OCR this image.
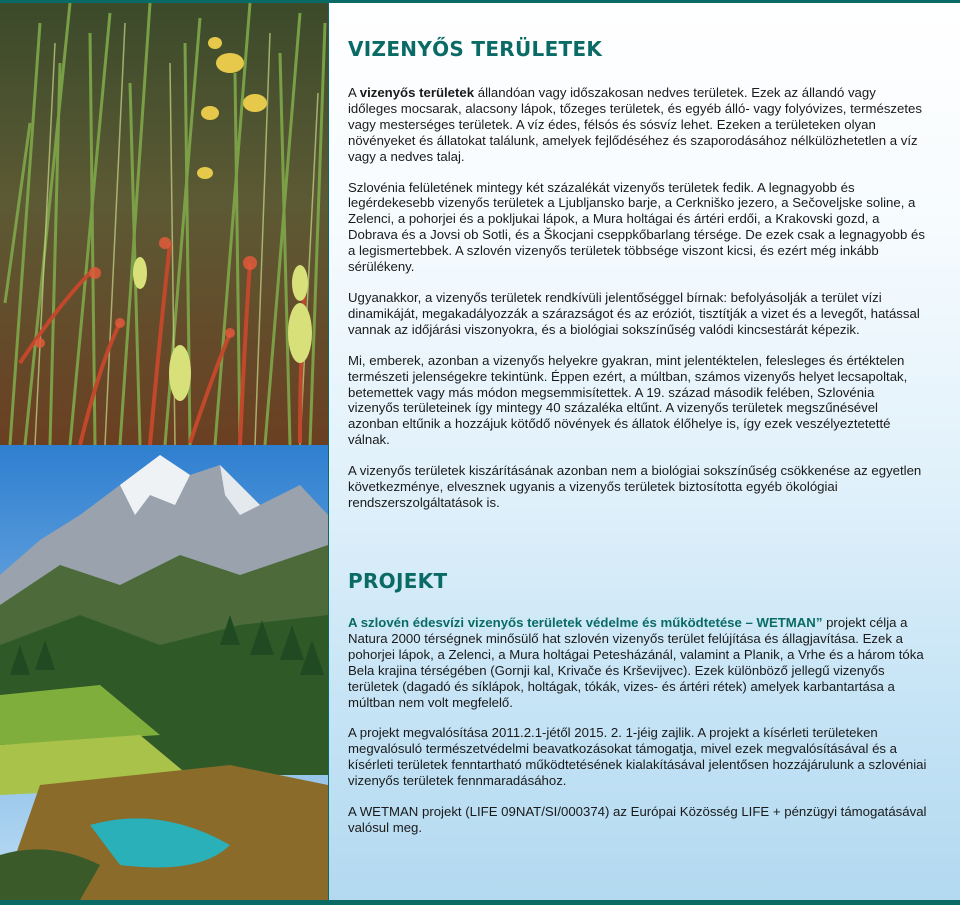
VIZENYŐS TERÜLETEK

A vizenyős területek állandóan vagy időszakosan nedves területek. Ezek az állandó vagy időleges mocsarak, alacsony lápok, tőzeges területek, és egyéb álló- vagy folyóvizes, természetes vagy mesterséges területek. A víz édes, félsós és sósvíz lehet. Ezeken a területeken olyan növényeket és állatokat találunk, amelyek fejlődéséhez és szaporodásához nélkülözhetetlen a víz vagy a nedves talaj.

Szlovénia felületének mintegy két százalékát vizenyős területek fedik. A legnagyobb és legérdekesebb vizenyős területek a Ljubljansko barje, a Cerkniško jezero, a Sečoveljske soline, a Zelenci, a pohorjei és a pokljukai lápok, a Mura holtágai és ártéri erdői, a Krakovski gozd, a Dobrava és a Jovsi ob Sotli, és a Škocjani cseppkőbarlang térsége. De ezek csak a legnagyobb és a legismertebbek. A szlovén vizenyős területek többsége viszont kicsi, és ezért még inkább sérülékeny.

Ugyanakkor, a vizenyős területek rendkívüli jelentőséggel bírnak: befolyásolják a terület vízi dinamikáját, megakadályozzák a szárazságot és az eróziót, tisztítják a vizet és a levegőt, hatással vannak az időjárási viszonyokra, és a biológiai sokszínűség valódi kincsestárát képezik.

Mi, emberek, azonban a vizenyős helyekre gyakran, mint jelentéktelen, felesleges és értéktelen természeti jelenségekre tekintünk. Éppen ezért, a múltban, számos vizenyős helyet lecsapoltak, betemettek vagy más módon megsemmisítettek. A 19. század második felében, Szlovénia vizenyős területeinek így mintegy 40 százaléka eltűnt. A vizenyős területek megszűnésével azonban eltűnik a hozzájuk kötődő növények és állatok élőhelye is, így ezek veszélyeztetetté válnak.

A vizenyős területek kiszárításának azonban nem a biológiai sokszínűség csökkenése az egyetlen következménye, elvesznek ugyanis a vizenyős területek biztosította egyéb ökológiai rendszerszolgáltatások is.

PROJEKT

A szlovén édesvízi vizenyős területek védelme és működtetése – WETMAN” projekt célja a Natura 2000 térségnek minősülő hat szlovén vizenyős terület felújítása és állagjavítása. Ezek a pohorjei lápok, a Zelenci, a Mura holtágai Petesházánál, valamint a Planik, a Vrhe és a három tóka Bela krajina térségében (Gornji kal, Krivače és Krševijvec). Ezek különböző jellegű vizenyős területek (dagadó és síklápok, holtágak, tókák, vizes- és ártéri rétek) amelyek karbantartása a múltban nem volt megfelelő.

A projekt megvalósítása 2011.2.1-jétől 2015. 2. 1-jéig zajlik. A projekt a kísérleti területeken megvalósuló természetvédelmi beavatkozásokat támogatja, mivel ezek megvalósításával és a kísérleti területek fenntartható működtetésének kialakításával jelentősen hozzájárulunk a szlovéniai vizenyős területek fennmaradásához.

A WETMAN projekt (LIFE 09NAT/SI/000374) az Európai Közösség LIFE + pénzügyi támogatásával valósul meg.
